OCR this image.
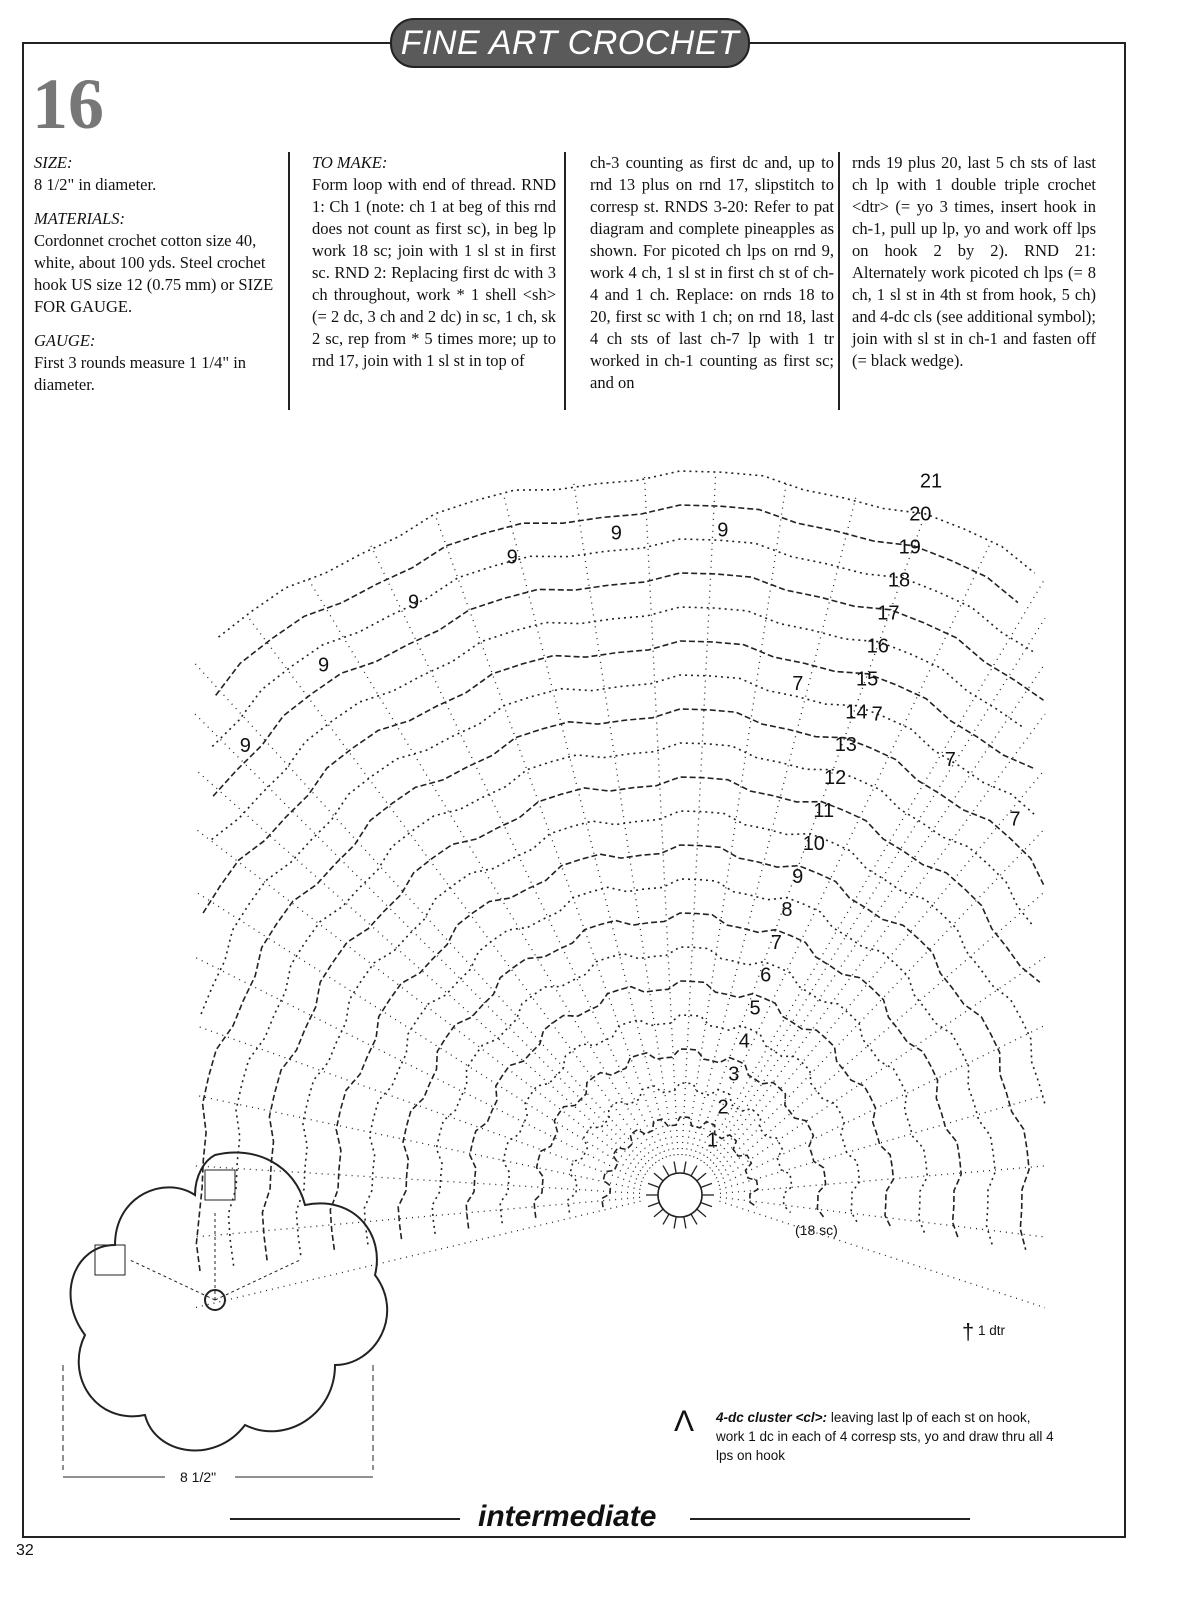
FINE ART CROCHET
16
SIZE:
8 1/2" in diameter.
MATERIALS:
Cordonnet crochet cotton size 40, white, about 100 yds. Steel crochet hook US size 12 (0.75 mm) or SIZE FOR GAUGE.
GAUGE:
First 3 rounds measure 1 1/4" in diameter.
TO MAKE:
Form loop with end of thread. RND 1: Ch 1 (note: ch 1 at beg of this rnd does not count as first sc), in beg lp work 18 sc; join with 1 sl st in first sc. RND 2: Replacing first dc with 3 ch throughout, work * 1 shell <sh> (= 2 dc, 3 ch and 2 dc) in sc, 1 ch, sk 2 sc, rep from * 5 times more; up to rnd 17, join with 1 sl st in top of
ch-3 counting as first dc and, up to rnd 13 plus on rnd 17, slipstitch to corresp st. RNDS 3-20: Refer to pat diagram and complete pineapples as shown. For picoted ch lps on rnd 9, work 4 ch, 1 sl st in first ch st of ch-4 and 1 ch. Replace: on rnds 18 to 20, first sc with 1 ch; on rnd 18, last 4 ch sts of last ch-7 lp with 1 tr worked in ch-1 counting as first sc; and on
rnds 19 plus 20, last 5 ch sts of last ch lp with 1 double triple crochet <dtr> (= yo 3 times, insert hook in ch-1, pull up lp, yo and work off lps on hook 2 by 2). RND 21: Alternately work picoted ch lps (= 8 ch, 1 sl st in 4th st from hook, 5 ch) and 4-dc cls (see additional symbol); join with sl st in ch-1 and fasten off (= black wedge).
1
2
3
4
5
6
7
8
9
10
11
12
13
14
15
16
17
18
19
20
21
9
9
9
9
9	9
7
7
7
7
(18 sc)
8 1/2"
† 1 dtr
Λ 4-dc cluster <cl>: leaving last lp of each st on hook, work 1 dc in each of 4 corresp sts, yo and draw thru all 4 lps on hook
intermediate
32
